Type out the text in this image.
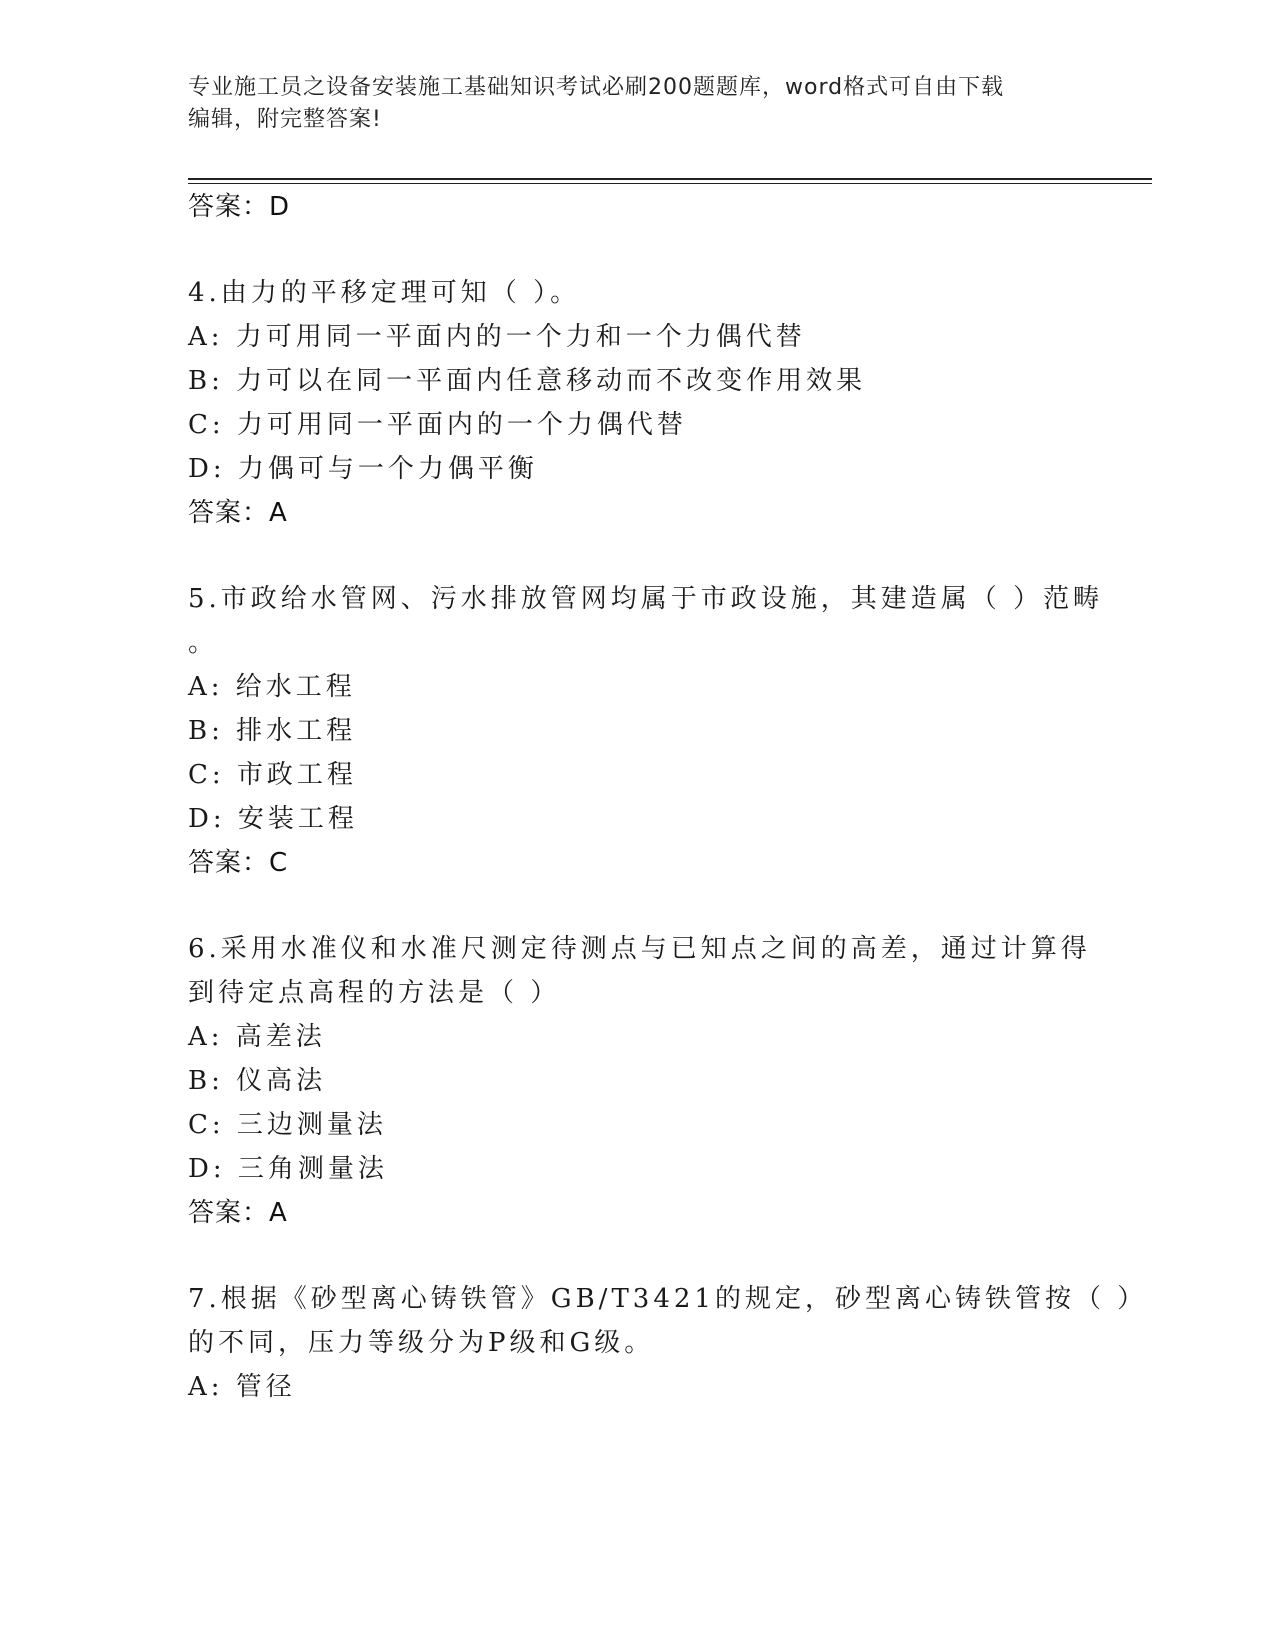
专业施工员之设备安装施工基础知识考试必刷200题题库，word格式可自由下载
编辑，附完整答案!
答案：D
4.由力的平移定理可知（ ）。
A: 力可用同一平面内的一个力和一个力偶代替
B: 力可以在同一平面内任意移动而不改变作用效果
C: 力可用同一平面内的一个力偶代替
D: 力偶可与一个力偶平衡
答案：A
5.市政给水管网、污水排放管网均属于市政设施，其建造属（ ）范畴
。
A: 给水工程
B: 排水工程
C: 市政工程
D: 安装工程
答案：C
6.采用水准仪和水准尺测定待测点与已知点之间的高差，通过计算得
到待定点高程的方法是（ ）
A: 高差法
B: 仪高法
C: 三边测量法
D: 三角测量法
答案：A
7.根据《砂型离心铸铁管》GB/T3421的规定，砂型离心铸铁管按（ ）
的不同，压力等级分为P级和G级。
A: 管径
